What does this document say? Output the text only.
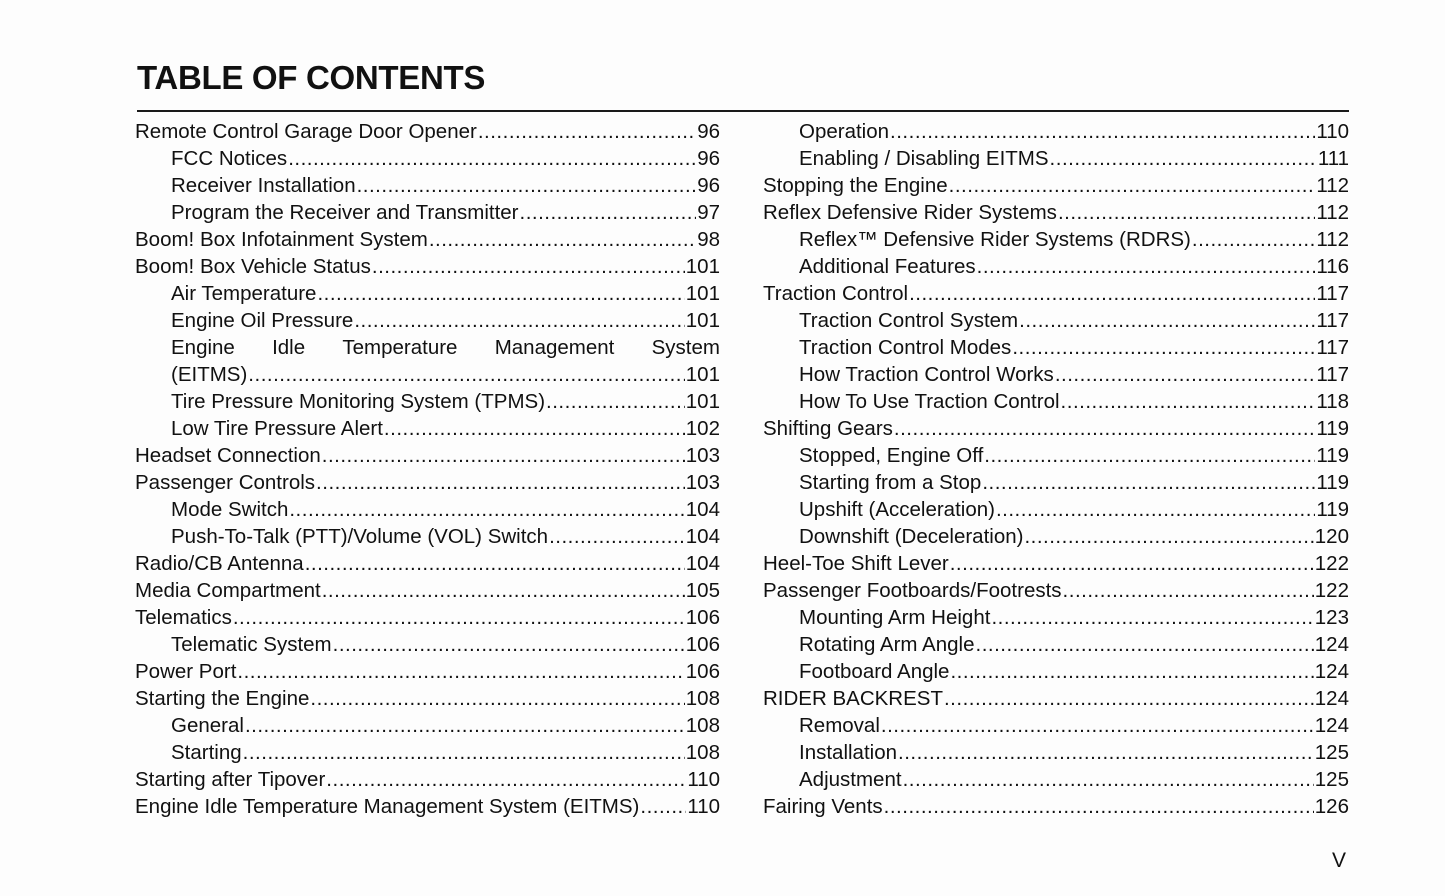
TABLE OF CONTENTS
Remote Control Garage Door Opener .....	96
FCC Notices .....	96
Receiver Installation .....	96
Program the Receiver and Transmitter .....	97
Boom! Box Infotainment System .....	98
Boom! Box Vehicle Status .....	101
Air Temperature .....	101
Engine Oil Pressure .....	101
Engine Idle Temperature Management System
(EITMS) .....	101
Tire Pressure Monitoring System (TPMS) .....	101
Low Tire Pressure Alert .....	102
Headset Connection .....	103
Passenger Controls .....	103
Mode Switch .....	104
Push-To-Talk (PTT)/Volume (VOL) Switch .....	104
Radio/CB Antenna .....	104
Media Compartment .....	105
Telematics .....	106
Telematic System .....	106
Power Port .....	106
Starting the Engine .....	108
General .....	108
Starting .....	108
Starting after Tipover .....	110
Engine Idle Temperature Management System (EITMS) ..... 110
Operation .....	110
Enabling / Disabling EITMS .....	111
Stopping the Engine .....	112
Reflex Defensive Rider Systems .....	112
Reflex™ Defensive Rider Systems (RDRS) .....	112
Additional Features .....	116
Traction Control .....	117
Traction Control System .....	117
Traction Control Modes .....	117
How Traction Control Works .....	117
How To Use Traction Control .....	118
Shifting Gears .....	119
Stopped, Engine Off .....	119
Starting from a Stop .....	119
Upshift (Acceleration) .....	119
Downshift (Deceleration) .....	120
Heel-Toe Shift Lever .....	122
Passenger Footboards/Footrests .....	122
Mounting Arm Height .....	123
Rotating Arm Angle .....	124
Footboard Angle .....	124
RIDER BACKREST .....	124
Removal .....	124
Installation .....	125
Adjustment .....	125
Fairing Vents .....	126
V
